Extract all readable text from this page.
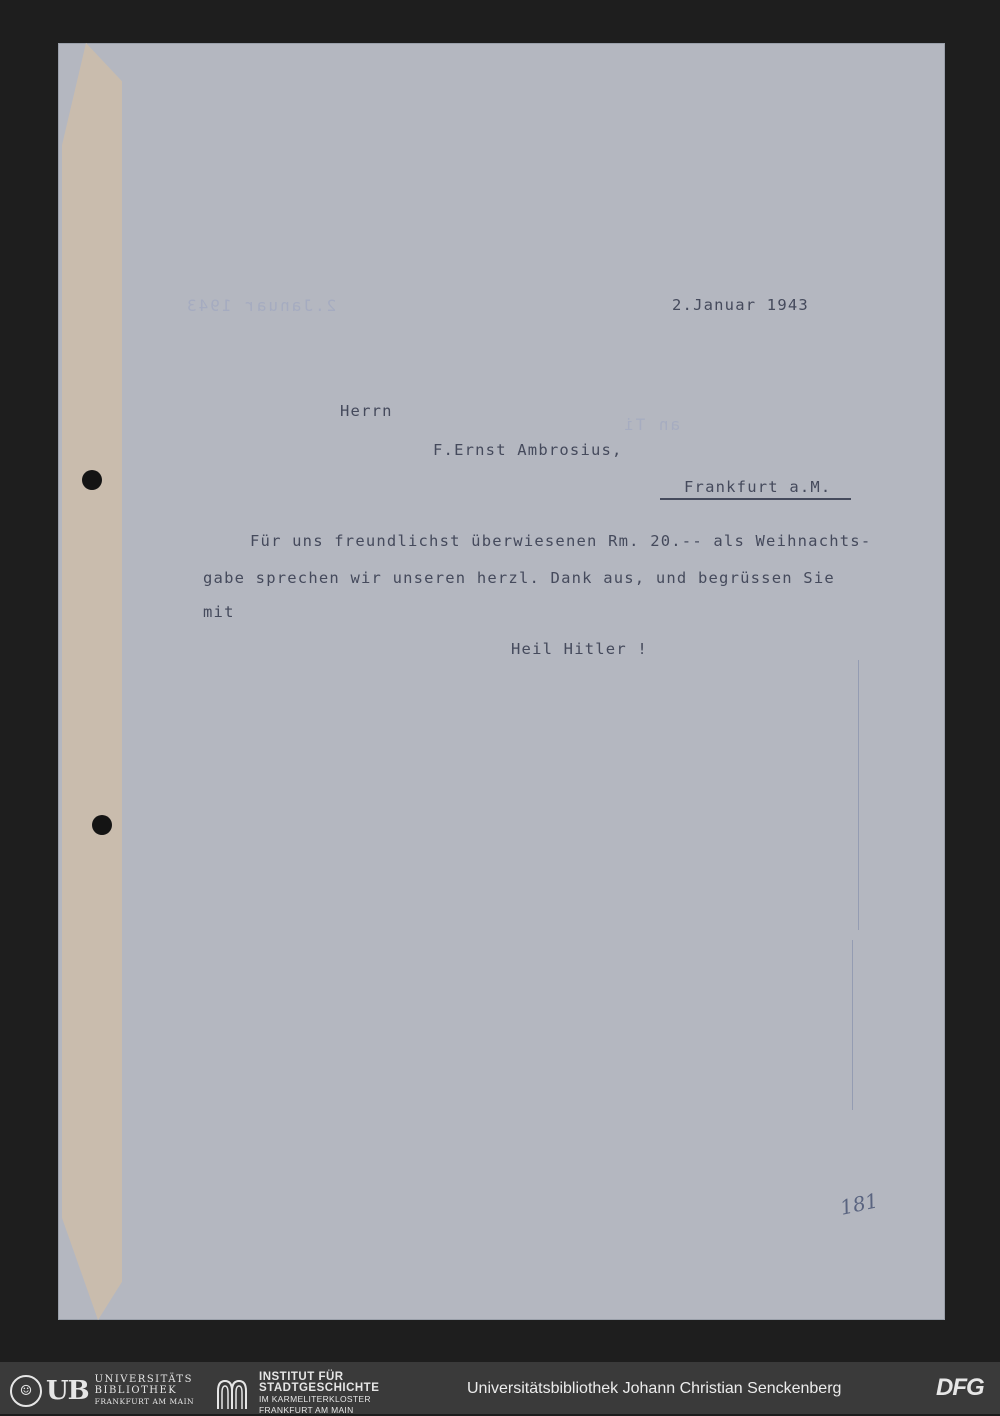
2.Januar 1943
an Ti
2.Januar 1943
Herrn
F.Ernst Ambrosius,
Frankfurt a.M.
Für uns freundlichst überwiesenen Rm. 20.-- als Weihnachts-
gabe sprechen wir unseren herzl. Dank aus, und begrüssen Sie
mit
Heil Hitler !
181
☺ UB UNIVERSITÄTS
BIBLIOTHEK
FRANKFURT AM MAIN
INSTITUT FÜR
STADTGESCHICHTE
IM KARMELITERKLOSTER
FRANKFURT AM MAIN
Universitätsbibliothek Johann Christian Senckenberg	DFG
